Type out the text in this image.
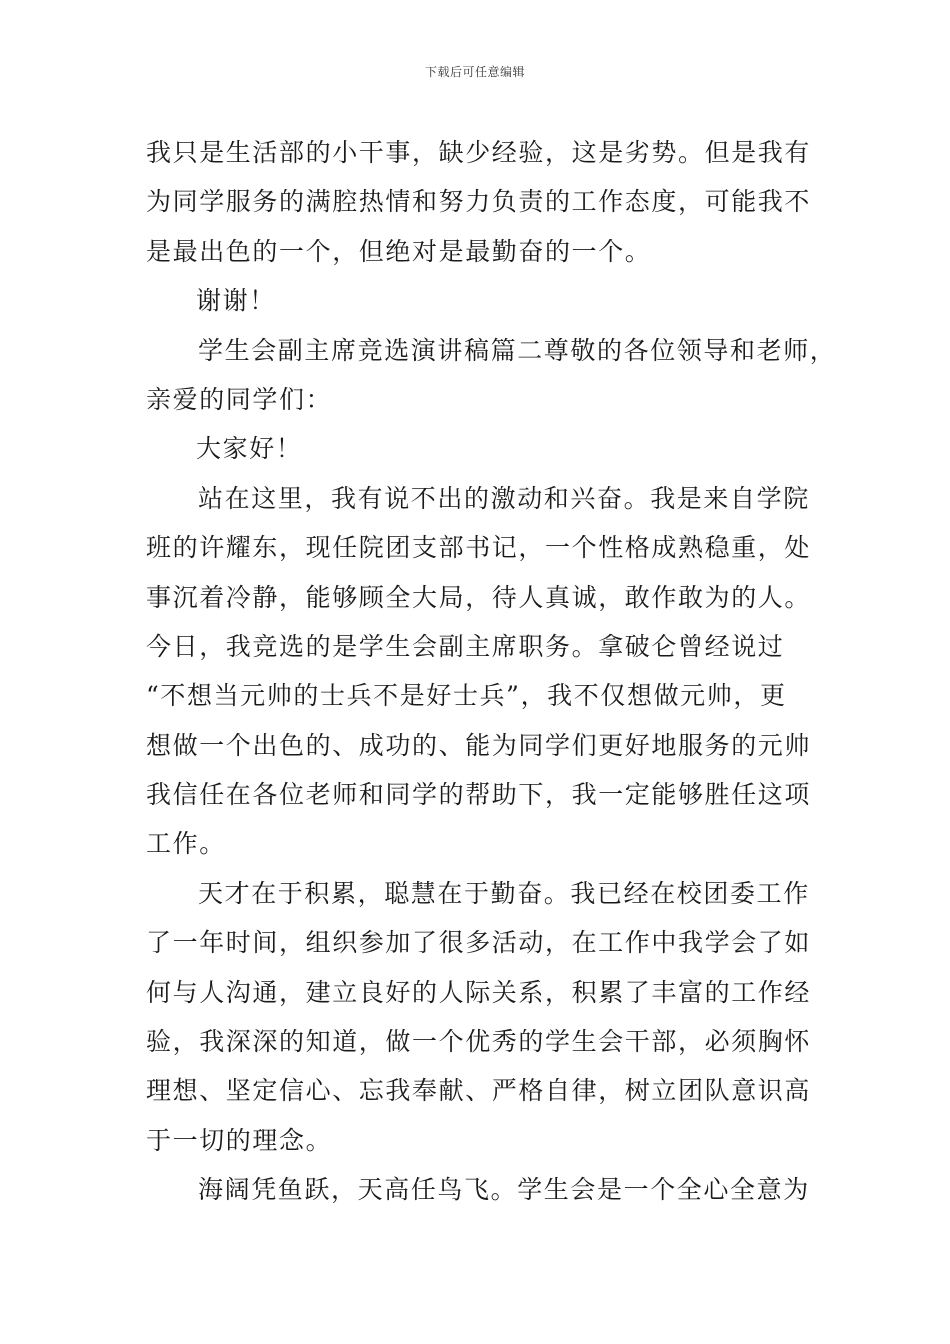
下载后可任意编辑
我只是生活部的小干事，缺少经验，这是劣势。但是我有
为同学服务的满腔热情和努力负责的工作态度，可能我不
是最出色的一个，但绝对是最勤奋的一个。
谢谢！
学生会副主席竞选演讲稿篇二尊敬的各位领导和老师，
亲爱的同学们：
大家好！
站在这里，我有说不出的激动和兴奋。我是来自学院
班的许耀东，现任院团支部书记，一个性格成熟稳重，处
事沉着冷静，能够顾全大局，待人真诚，敢作敢为的人。
今日，我竞选的是学生会副主席职务。拿破仑曾经说过
“不想当元帅的士兵不是好士兵”，我不仅想做元帅，更
想做一个出色的、成功的、能为同学们更好地服务的元帅
我信任在各位老师和同学的帮助下，我一定能够胜任这项
工作。
天才在于积累，聪慧在于勤奋。我已经在校团委工作
了一年时间，组织参加了很多活动，在工作中我学会了如
何与人沟通，建立良好的人际关系，积累了丰富的工作经
验，我深深的知道，做一个优秀的学生会干部，必须胸怀
理想、坚定信心、忘我奉献、严格自律，树立团队意识高
于一切的理念。
海阔凭鱼跃，天高任鸟飞。学生会是一个全心全意为
